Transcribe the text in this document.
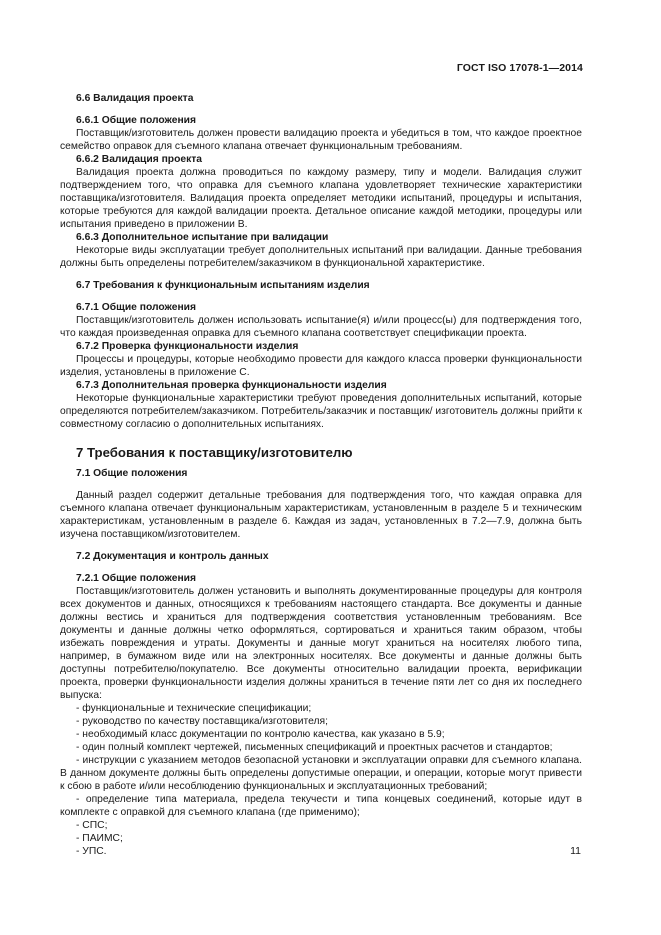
ГОСТ ISO 17078-1—2014
6.6 Валидация проекта
6.6.1 Общие положения

Поставщик/изготовитель должен провести валидацию проекта и убедиться в том, что каждое проектное семейство оправок для съемного клапана отвечает функциональным требованиям.

6.6.2 Валидация проекта

Валидация проекта должна проводиться по каждому размеру, типу и модели. Валидация служит подтверждением того, что оправка для съемного клапана удовлетворяет технические характеристики поставщика/изготовителя. Валидация проекта определяет методики испытаний, процедуры и испытания, которые требуются для каждой валидации проекта. Детальное описание каждой методики, процедуры или испытания приведено в приложении В.

6.6.3 Дополнительное испытание при валидации

Некоторые виды эксплуатации требует дополнительных испытаний при валидации. Данные требования должны быть определены потребителем/заказчиком в функциональной характеристике.

6.7 Требования к функциональным испытаниям изделия
6.7.1 Общие положения

Поставщик/изготовитель должен использовать испытание(я) и/или процесс(ы) для подтверждения того, что каждая произведенная оправка для съемного клапана соответствует спецификации проекта.

6.7.2 Проверка функциональности изделия

Процессы и процедуры, которые необходимо провести для каждого класса проверки функциональности изделия, установлены в приложение С.

6.7.3 Дополнительная проверка функциональности изделия

Некоторые функциональные характеристики требуют проведения дополнительных испытаний, которые определяются потребителем/заказчиком. Потребитель/заказчик и поставщик/ изготовитель должны прийти к совместному согласию о дополнительных испытаниях.

7 Требования к поставщику/изготовителю
7.1 Общие положения

Данный раздел содержит детальные требования для подтверждения того, что каждая оправка для съемного клапана отвечает функциональным характеристикам, установленным в разделе 5 и техническим характеристикам, установленным в разделе 6. Каждая из задач, установленных в 7.2—7.9, должна быть изучена поставщиком/изготовителем.

7.2 Документация и контроль данных
7.2.1 Общие положения

Поставщик/изготовитель должен установить и выполнять документированные процедуры для контроля всех документов и данных, относящихся к требованиям настоящего стандарта. Все документы и данные должны вестись и храниться для подтверждения соответствия установленным требованиям. Все документы и данные должны четко оформляться, сортироваться и храниться таким образом, чтобы избежать повреждения и утраты. Документы и данные могут храниться на носителях любого типа, например, в бумажном виде или на электронных носителях. Все документы и данные должны быть доступны потребителю/покупателю. Все документы относительно валидации проекта, верификации проекта, проверки функциональности изделия должны храниться в течение пяти лет со дня их последнего выпуска:

- функциональные и технические спецификации;
- руководство по качеству поставщика/изготовителя;
- необходимый класс документации по контролю качества, как указано в 5.9;
- один полный комплект чертежей, письменных спецификаций и проектных расчетов и стандартов;
- инструкции с указанием методов безопасной установки и эксплуатации оправки для съемного клапана. В данном документе должны быть определены допустимые операции, и операции, которые могут привести к сбою в работе и/или несоблюдению функциональных и эксплуатационных требований;
- определение типа материала, предела текучести и типа концевых соединений, которые идут в комплекте с оправкой для съемного клапана (где применимо);
- СПС;
- ПАИМС;
- УПС.	11
